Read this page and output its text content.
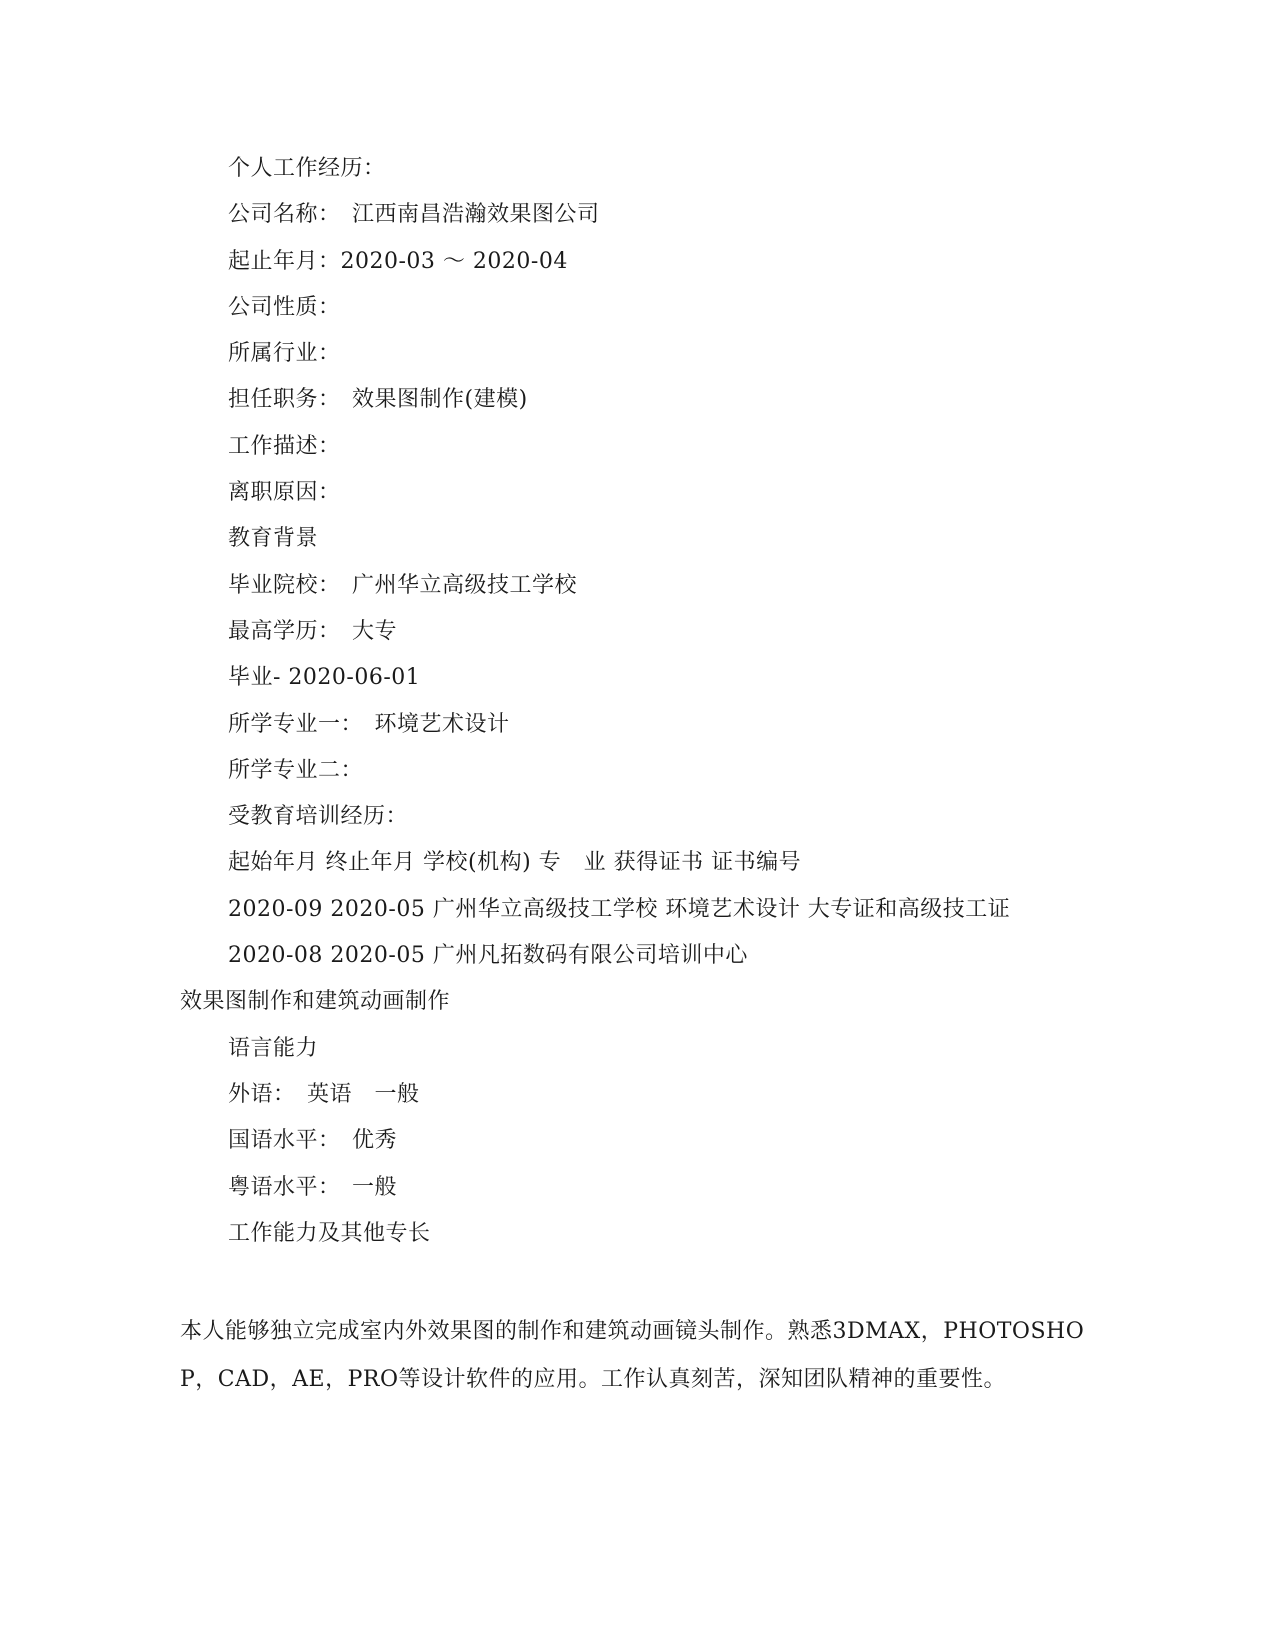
个人工作经历：
公司名称：　江西南昌浩瀚效果图公司
起止年月：2020-03 ～ 2020-04
公司性质：
所属行业：
担任职务：　效果图制作(建模)
工作描述：
离职原因：
教育背景
毕业院校：　广州华立高级技工学校
最高学历：　大专
毕业- 2020-06-01
所学专业一：　环境艺术设计
所学专业二：
受教育培训经历：
起始年月 终止年月 学校(机构) 专　业 获得证书 证书编号
2020-09 2020-05 广州华立高级技工学校 环境艺术设计 大专证和高级技工证
2020-08 2020-05 广州凡拓数码有限公司培训中心
效果图制作和建筑动画制作
语言能力
外语：　英语　一般
国语水平：　优秀
粤语水平：　一般
工作能力及其他专长
本人能够独立完成室内外效果图的制作和建筑动画镜头制作。熟悉3DMAX，PHOTOSHOP，CAD，AE，PRO等设计软件的应用。工作认真刻苦，深知团队精神的重要性。
